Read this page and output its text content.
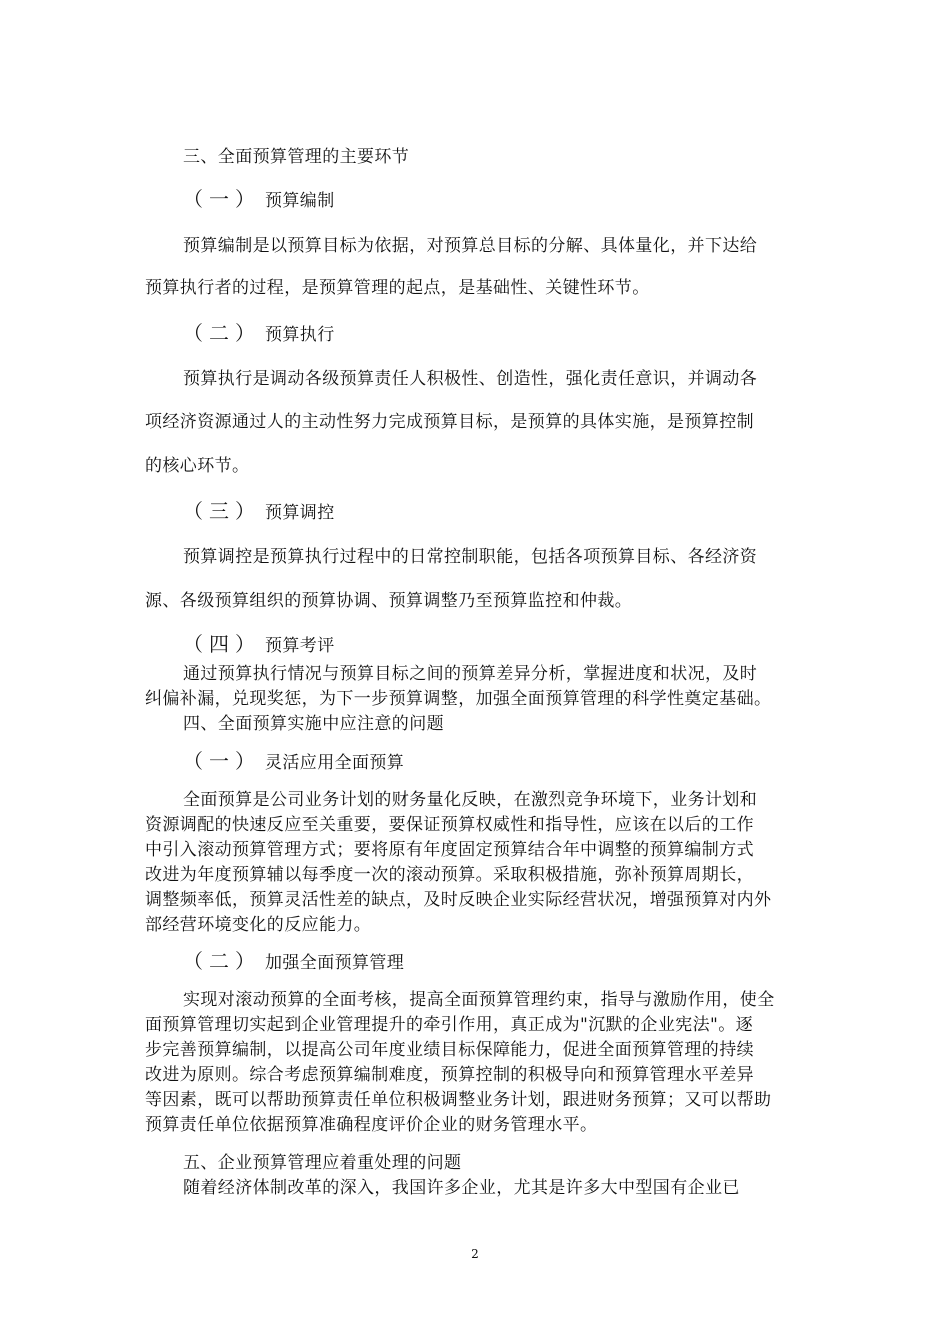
三、全面预算管理的主要环节
（一） 预算编制
预算编制是以预算目标为依据，对预算总目标的分解、具体量化，并下达给
预算执行者的过程，是预算管理的起点，是基础性、关键性环节。
（二） 预算执行
预算执行是调动各级预算责任人积极性、创造性，强化责任意识，并调动各
项经济资源通过人的主动性努力完成预算目标，是预算的具体实施，是预算控制
的核心环节。
（三） 预算调控
预算调控是预算执行过程中的日常控制职能，包括各项预算目标、各经济资
源、各级预算组织的预算协调、预算调整乃至预算监控和仲裁。
（四） 预算考评
通过预算执行情况与预算目标之间的预算差异分析，掌握进度和状况，及时
纠偏补漏，兑现奖惩，为下一步预算调整，加强全面预算管理的科学性奠定基础。
四、全面预算实施中应注意的问题
（一） 灵活应用全面预算
全面预算是公司业务计划的财务量化反映，在激烈竞争环境下，业务计划和
资源调配的快速反应至关重要，要保证预算权威性和指导性，应该在以后的工作
中引入滚动预算管理方式；要将原有年度固定预算结合年中调整的预算编制方式
改进为年度预算辅以每季度一次的滚动预算。采取积极措施，弥补预算周期长，
调整频率低，预算灵活性差的缺点，及时反映企业实际经营状况，增强预算对内外
部经营环境变化的反应能力。
（二） 加强全面预算管理
实现对滚动预算的全面考核，提高全面预算管理约束，指导与激励作用，使全
面预算管理切实起到企业管理提升的牵引作用，真正成为"沉默的企业宪法"。逐
步完善预算编制，以提高公司年度业绩目标保障能力，促进全面预算管理的持续
改进为原则。综合考虑预算编制难度，预算控制的积极导向和预算管理水平差异
等因素，既可以帮助预算责任单位积极调整业务计划，跟进财务预算；又可以帮助
预算责任单位依据预算准确程度评价企业的财务管理水平。
五、企业预算管理应着重处理的问题
随着经济体制改革的深入，我国许多企业，尤其是许多大中型国有企业已
2
